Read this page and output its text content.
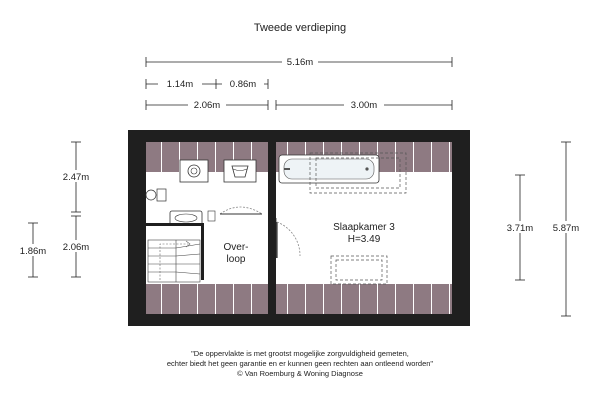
Tweede verdieping
5.16m
1.14m	0.86m
2.06m	3.00m
2.47m
2.06m
1.86m
3.71m 5.87m
Slaapkamer 3
H=3.49
Over-
loop
"De oppervlakte is met grootst mogelijke zorgvuldigheid gemeten,
echter biedt het geen garantie en er kunnen geen rechten aan ontleend worden"
© Van Roemburg & Woning Diagnose
